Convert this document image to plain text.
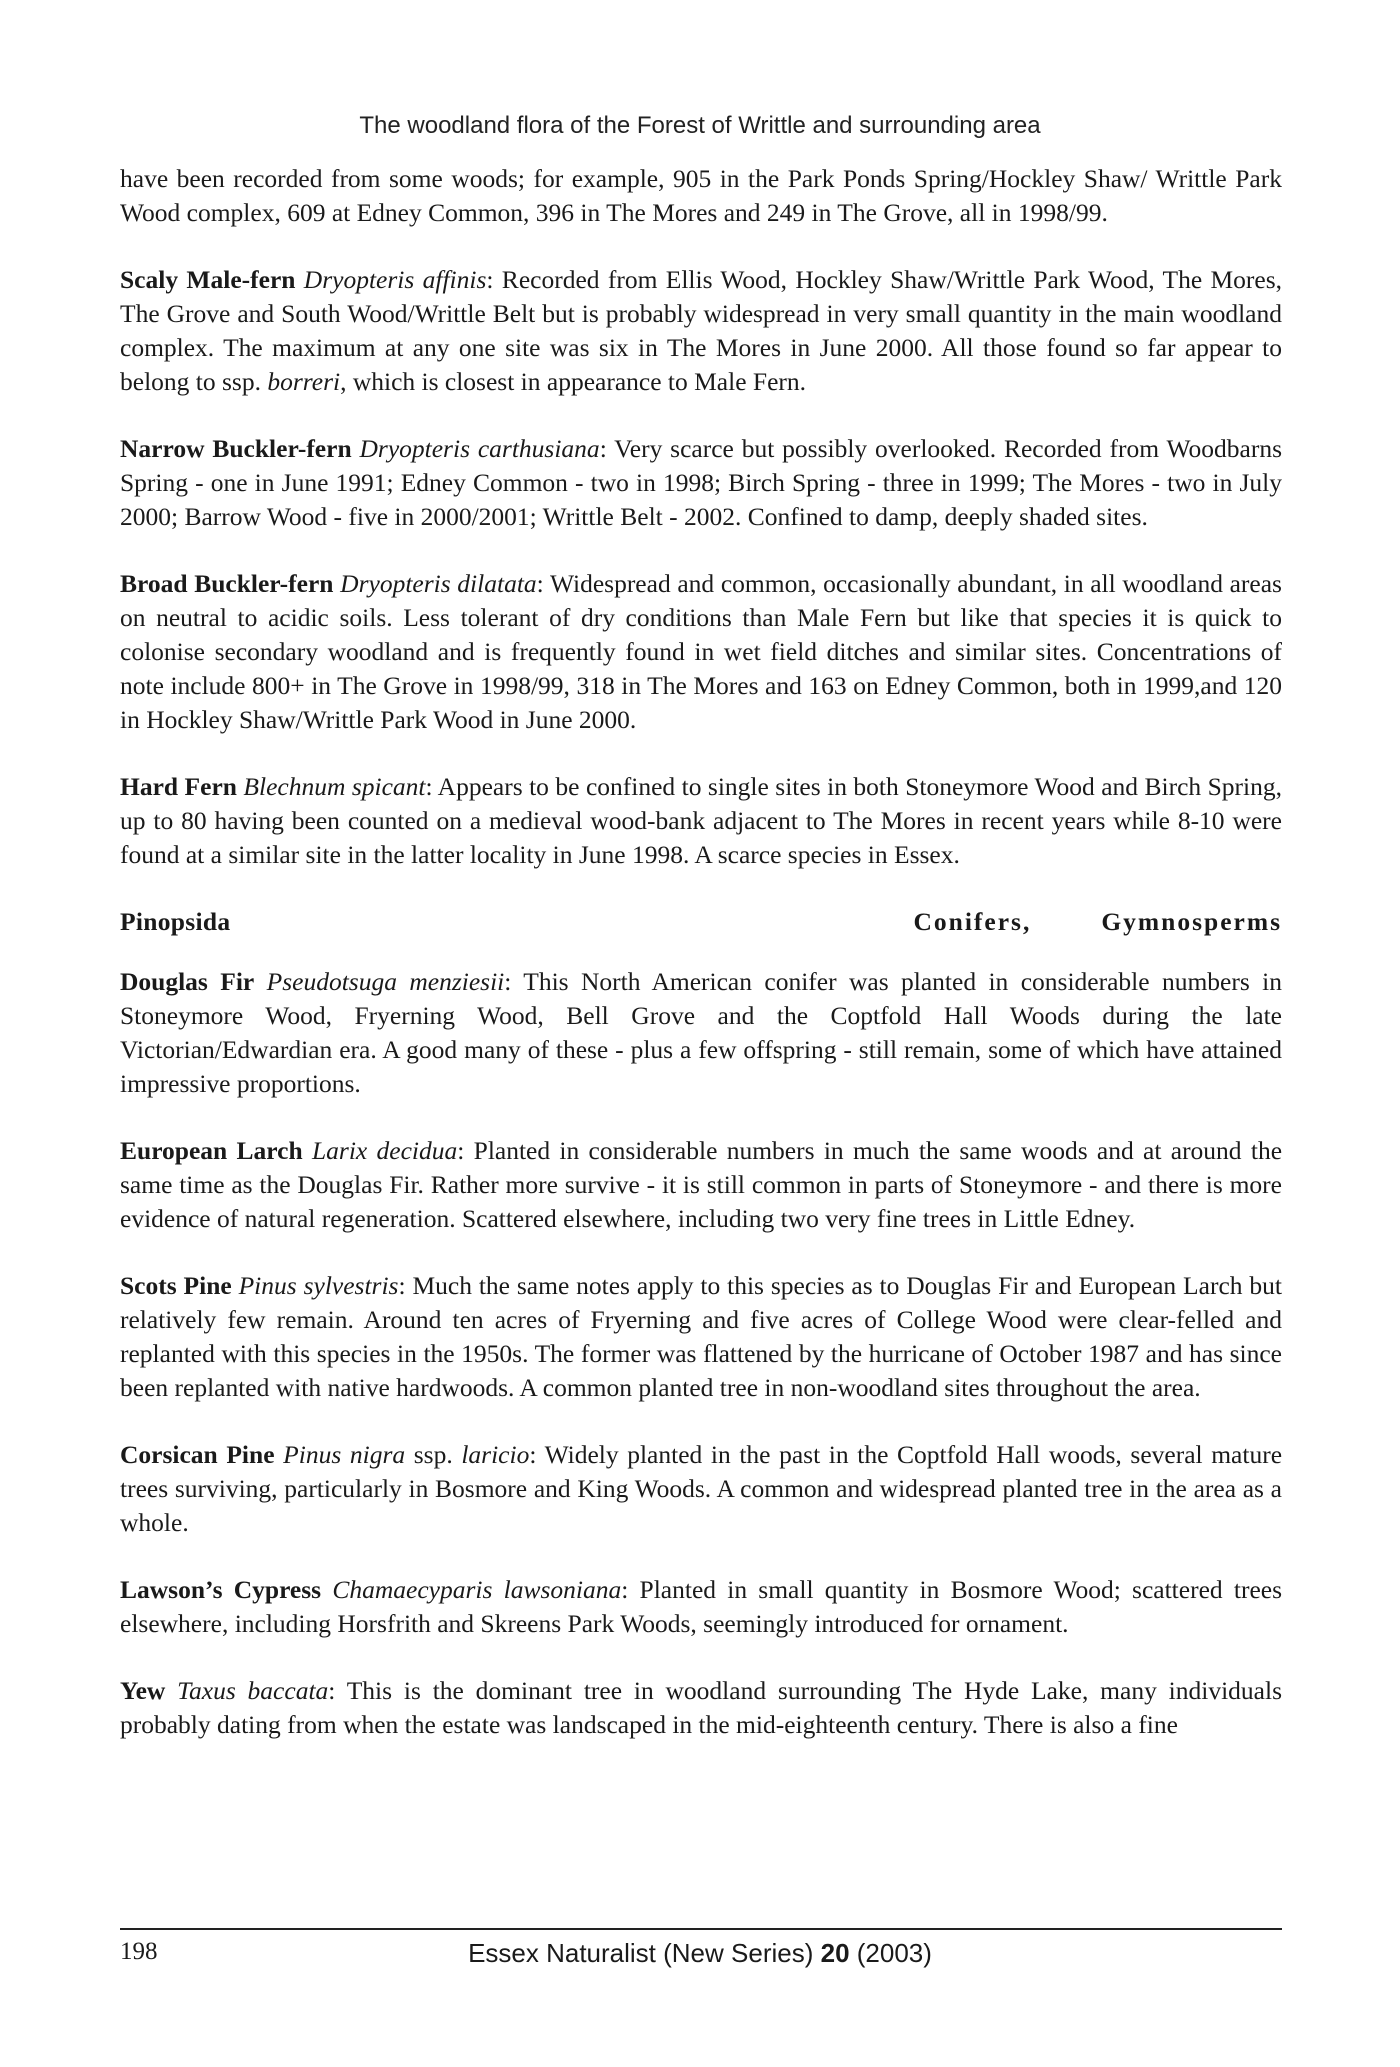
The woodland flora of the Forest of Writtle and surrounding area

have been recorded from some woods; for example, 905 in the Park Ponds Spring/Hockley Shaw/ Writtle Park Wood complex, 609 at Edney Common, 396 in The Mores and 249 in The Grove, all in 1998/99.

Scaly Male-fern Dryopteris affinis: Recorded from Ellis Wood, Hockley Shaw/Writtle Park Wood, The Mores, The Grove and South Wood/Writtle Belt but is probably widespread in very small quantity in the main woodland complex. The maximum at any one site was six in The Mores in June 2000. All those found so far appear to belong to ssp. borreri, which is closest in appearance to Male Fern.

Narrow Buckler-fern Dryopteris carthusiana: Very scarce but possibly overlooked. Recorded from Woodbarns Spring - one in June 1991; Edney Common - two in 1998; Birch Spring - three in 1999; The Mores - two in July 2000; Barrow Wood - five in 2000/2001; Writtle Belt - 2002. Confined to damp, deeply shaded sites.

Broad Buckler-fern Dryopteris dilatata: Widespread and common, occasionally abundant, in all woodland areas on neutral to acidic soils. Less tolerant of dry conditions than Male Fern but like that species it is quick to colonise secondary woodland and is frequently found in wet field ditches and similar sites. Concentrations of note include 800+ in The Grove in 1998/99, 318 in The Mores and 163 on Edney Common, both in 1999,and 120 in Hockley Shaw/Writtle Park Wood in June 2000.

Hard Fern Blechnum spicant: Appears to be confined to single sites in both Stoneymore Wood and Birch Spring, up to 80 having been counted on a medieval wood-bank adjacent to The Mores in recent years while 8-10 were found at a similar site in the latter locality in June 1998. A scarce species in Essex.

Pinopsida	Conifers,	Gymnosperms

Douglas Fir Pseudotsuga menziesii: This North American conifer was planted in considerable numbers in Stoneymore Wood, Fryerning Wood, Bell Grove and the Coptfold Hall Woods during the late Victorian/Edwardian era. A good many of these - plus a few offspring - still remain, some of which have attained impressive proportions.

European Larch Larix decidua: Planted in considerable numbers in much the same woods and at around the same time as the Douglas Fir. Rather more survive - it is still common in parts of Stoneymore - and there is more evidence of natural regeneration. Scattered elsewhere, including two very fine trees in Little Edney.

Scots Pine Pinus sylvestris: Much the same notes apply to this species as to Douglas Fir and European Larch but relatively few remain. Around ten acres of Fryerning and five acres of College Wood were clear-felled and replanted with this species in the 1950s. The former was flattened by the hurricane of October 1987 and has since been replanted with native hardwoods. A common planted tree in non-woodland sites throughout the area.

Corsican Pine Pinus nigra ssp. laricio: Widely planted in the past in the Coptfold Hall woods, several mature trees surviving, particularly in Bosmore and King Woods. A common and widespread planted tree in the area as a whole.

Lawson’s Cypress Chamaecyparis lawsoniana: Planted in small quantity in Bosmore Wood; scattered trees elsewhere, including Horsfrith and Skreens Park Woods, seemingly introduced for ornament.

Yew Taxus baccata: This is the dominant tree in woodland surrounding The Hyde Lake, many individuals probably dating from when the estate was landscaped in the mid-eighteenth century. There is also a fine

198	Essex Naturalist (New Series) 20 (2003)
